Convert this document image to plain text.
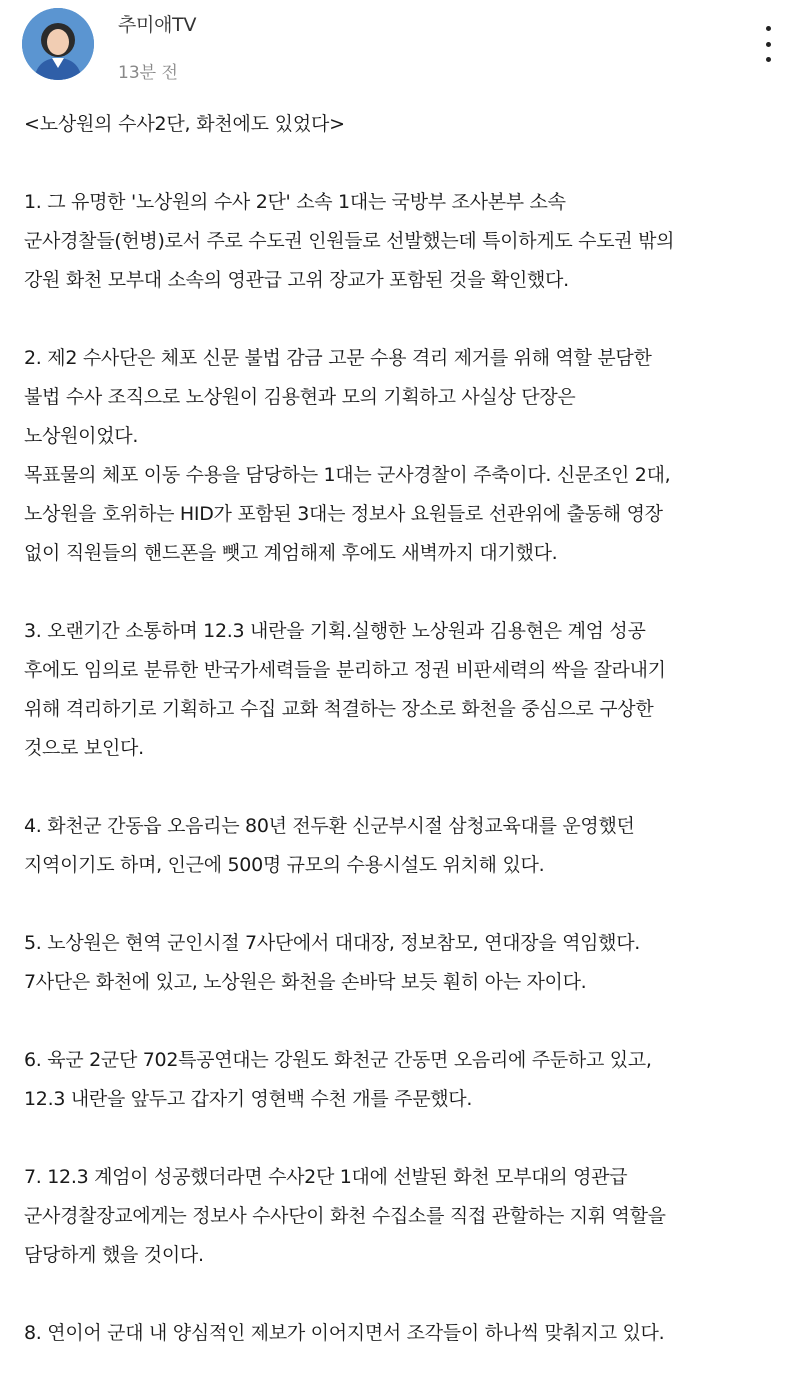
추미애TV
13분 전
<노상원의 수사2단, 화천에도 있었다>

1. 그 유명한 '노상원의 수사 2단' 소속 1대는 국방부 조사본부 소속
군사경찰들(헌병)로서 주로 수도권 인원들로 선발했는데 특이하게도 수도권 밖의
강원 화천 모부대 소속의 영관급 고위 장교가 포함된 것을 확인했다.

2. 제2 수사단은 체포 신문 불법 감금 고문 수용 격리 제거를 위해 역할 분담한
불법 수사 조직으로 노상원이 김용현과 모의 기획하고 사실상 단장은
노상원이었다.
목표물의 체포 이동 수용을 담당하는 1대는 군사경찰이 주축이다. 신문조인 2대,
노상원을 호위하는 HID가 포함된 3대는 정보사 요원들로 선관위에 출동해 영장
없이 직원들의 핸드폰을 뺏고 계엄해제 후에도 새벽까지 대기했다.

3. 오랜기간 소통하며 12.3 내란을 기획.실행한 노상원과 김용현은 계엄 성공
후에도 임의로 분류한 반국가세력들을 분리하고 정권 비판세력의 싹을 잘라내기
위해 격리하기로 기획하고 수집 교화 척결하는 장소로 화천을 중심으로 구상한
것으로 보인다.

4. 화천군 간동읍 오음리는 80년 전두환 신군부시절 삼청교육대를 운영했던
지역이기도 하며, 인근에 500명 규모의 수용시설도 위치해 있다.

5. 노상원은 현역 군인시절 7사단에서 대대장, 정보참모, 연대장을 역임했다.
7사단은 화천에 있고, 노상원은 화천을 손바닥 보듯 훤히 아는 자이다.

6. 육군 2군단 702특공연대는 강원도 화천군 간동면 오음리에 주둔하고 있고,
12.3 내란을 앞두고 갑자기 영현백 수천 개를 주문했다.

7. 12.3 계엄이 성공했더라면 수사2단 1대에 선발된 화천 모부대의 영관급
군사경찰장교에게는 정보사 수사단이 화천 수집소를 직접 관할하는 지휘 역할을
담당하게 했을 것이다.

8. 연이어 군대 내 양심적인 제보가 이어지면서 조각들이 하나씩 맞춰지고 있다.
